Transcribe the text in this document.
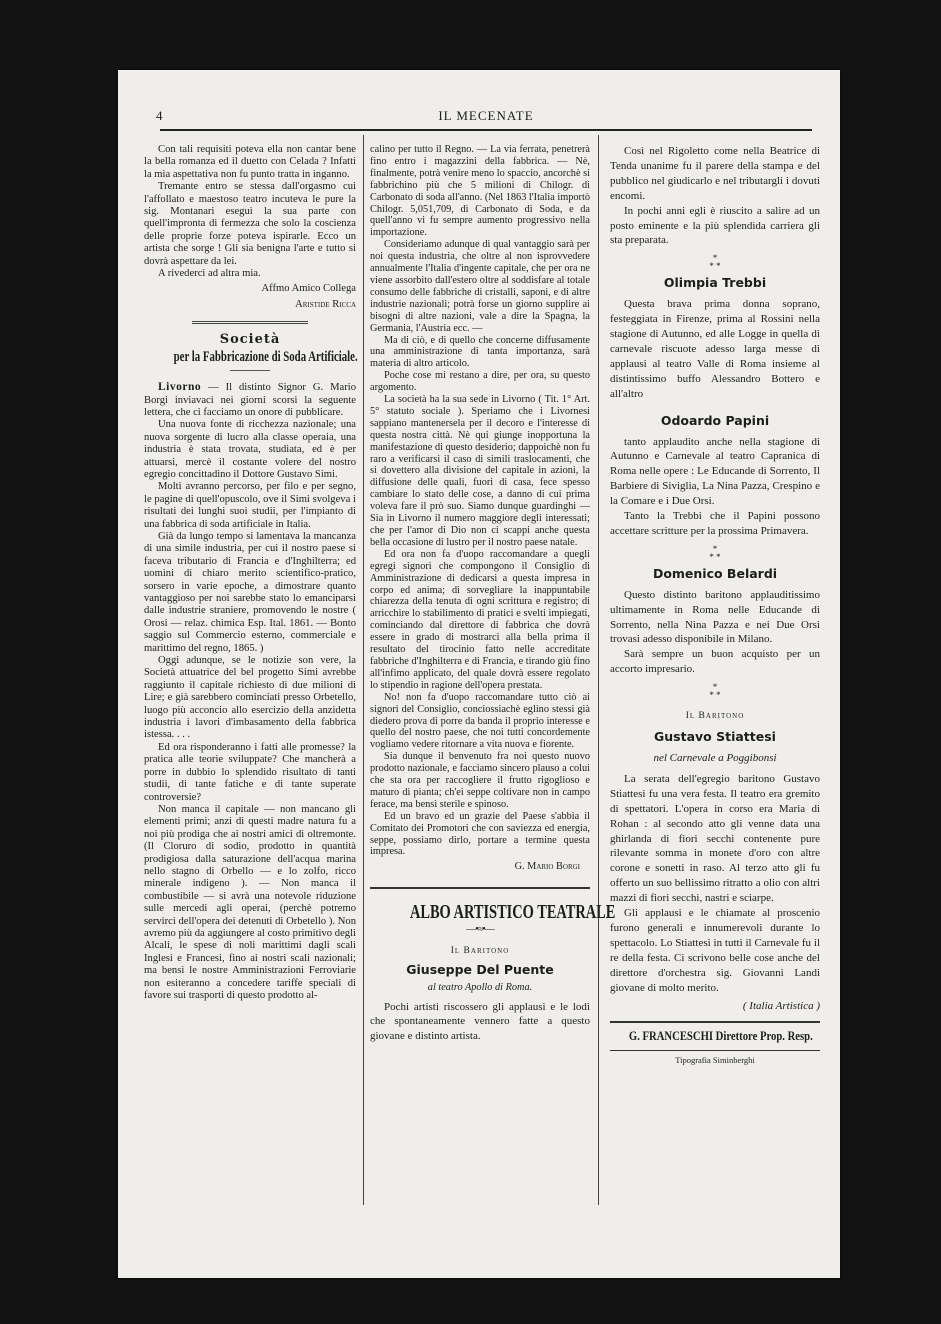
4	IL MECENATE

Con tali requisiti poteva ella non cantar bene la bella romanza ed il duetto con Celada ? Infatti la mia aspettativa non fu punto tratta in inganno.

Tremante entro se stessa dall'orgasmo cui l'affollato e maestoso teatro incuteva le pure la sig. Montanari eseguì la sua parte con quell'impronta di fermezza che solo la coscienza delle proprie forze poteva ispirarle. Ecco un artista che sorge ! Gli sia benigna l'arte e tutto si dovrà aspettare da lei.

A rivederci ad altra mia.

Affmo Amico Collega
Aristide Ricca
Società
per la Fabbricazione di Soda Artificiale.

Livorno — Il distinto Signor G. Mario Borgi inviavaci nei giorni scorsi la seguente lettera, che ci facciamo un onore di pubblicare.

Una nuova fonte di ricchezza nazionale; una nuova sorgente di lucro alla classe operaia, una industria è stata trovata, studiata, ed è per attuarsi, mercè il costante volere del nostro egregio concittadino il Dottore Gustavo Simi.

Molti avranno percorso, per filo e per segno, le pagine di quell'opuscolo, ove il Simi svolgeva i risultati dei lunghi suoi studii, per l'impianto di una fabbrica di soda artificiale in Italia.

Già da lungo tempo si lamentava la mancanza di una simile industria, per cui il nostro paese si faceva tributario di Francia e d'Inghilterra; ed uomini di chiaro merito scientifico-pratico, sorsero in varie epoche, a dimostrare quanto vantaggioso per noi sarebbe stato lo emanciparsi dalle industrie straniere, promovendo le nostre ( Orosi — relaz. chimica Esp. Ital. 1861. — Bonto saggio sul Commercio esterno, commerciale e marittimo del regno, 1865. )

Oggi adunque, se le notizie son vere, la Società attuatrice del bel progetto Simi avrebbe raggiunto il capitale richiesto di due milioni di Lire; e già sarebbero cominciati presso Orbetello, luogo più acconcio allo esercizio della anzidetta industria i lavori d'imbasamento della fabbrica istessa. . . .

Ed ora risponderanno i fatti alle promesse? la pratica alle teorie sviluppate? Che mancherà a porre in dubbio lo splendido risultato di tanti studii, di tante fatiche e di tante superate controversie?

Non manca il capitale — non mancano gli elementi primi; anzi di questi madre natura fu a noi più prodiga che ai nostri amici di oltremonte. (Il Cloruro di sodio, prodotto in quantità prodigiosa dalla saturazione dell'acqua marina nello stagno di Orbello — e lo zolfo, ricco minerale indigeno ). — Non manca il combustibile — si avrà una notevole riduzione sulle mercedi agli operai, (perchè potremo servirci dell'opera dei detenuti di Orbetello ). Non avremo più da aggiungere al costo primitivo degli Alcali, le spese di noli marittimi dagli scali Inglesi e Francesi, fino ai nostri scali nazionali; ma bensì le nostre Amministrazioni Ferroviarie non esiteranno a concedere tariffe speciali di favore sui trasporti di questo prodotto al-

calino per tutto il Regno. — La via ferrata, penetrerà fino entro i magazzini della fabbrica. — Nè, finalmente, potrà venire meno lo spaccio, ancorchè si fabbrichino più che 5 milioni di Chilogr. di Carbonato di soda all'anno. (Nel 1863 l'Italia importò Chilogr. 5,051,709, di Carbonato di Soda, e da quell'anno vi fu sempre aumento progressivo nella importazione.

Consideriamo adunque di qual vantaggio sarà per noi questa industria, che oltre al non isprovvedere annualmente l'Italia d'ingente capitale, che per ora ne viene assorbito dall'estero oltre al soddisfare al totale consumo delle fabbriche di cristalli, saponi, e di altre industrie nazionali; potrà forse un giorno supplire ai bisogni di altre nazioni, vale a dire la Spagna, la Germania, l'Austria ecc. —

Ma di ciò, e di quello che concerne diffusamente una amministrazione di tanta importanza, sarà materia di altro articolo.

Poche cose mi restano a dire, per ora, su questo argomento.

La società ha la sua sede in Livorno ( Tit. 1° Art. 5° statuto sociale ). Speriamo che i Livornesi sappiano mantenersela per il decoro e l'interesse di questa nostra città. Nè qui giunge inopportuna la manifestazione di questo desiderio; dappoichè non fu raro a verificarsi il caso di simili traslocamenti, che si dovettero alla divisione del capitale in azioni, la diffusione delle quali, fuori di casa, fece spesso cambiare lo stato delle cose, a danno di cui prima voleva fare il prò suo. Siamo dunque guardinghi — Sia in Livorno il numero maggiore degli interessati; che per l'amor di Dio non ci scappi anche questa bella occasione di lustro per il nostro paese natale.

Ed ora non fa d'uopo raccomandare a quegli egregi signori che compongono il Consiglio di Amministrazione di dedicarsi a questa impresa in corpo ed anima; di sorvegliare la inappuntabile chiarezza della tenuta di ogni scrittura e registro; di arricchire lo stabilimento di pratici e svelti impiegati, cominciando dal direttore di fabbrica che dovrà essere in grado di mostrarci alla bella prima il resultato del tirocinio fatto nelle accreditate fabbriche d'Inghilterra e di Francia, e tirando giù fino all'infimo applicato, del quale dovrà essere regolato lo stipendio in ragione dell'opera prestata.

No! non fa d'uopo raccomandare tutto ciò ai signori del Consiglio, conciossiachè eglino stessi già diedero prova di porre da banda il proprio interesse e quello del nostro paese, che noi tutti concordemente vogliamo vedere ritornare a vita nuova e fiorente.

Sia dunque il benvenuto fra noi questo nuovo prodotto nazionale, e facciamo sincero plauso a colui che sta ora per raccogliere il frutto rigoglioso e maturo di pianta; ch'ei seppe coltivare non in campo ferace, ma bensì sterile e spinoso.

Ed un bravo ed un grazie del Paese s'abbia il Comitato dei Promotori che con saviezza ed energia, seppe, possiamo dirlo, portare a termine questa impresa.

G. Mario Borgi
ALBO ARTISTICO TEATRALE
—•≈•—
Il Baritono
Giuseppe Del Puente
al teatro Apollo di Roma.

Pochi artisti riscossero gli applausi e le lodi che spontaneamente vennero fatte a questo giovane e distinto artista.

Così nel Rigoletto come nella Beatrice di Tenda unanime fu il parere della stampa e del pubblico nel giudicarlo e nel tributargli i dovuti encomi.

In pochi anni egli è riuscito a salire ad un posto eminente e la più splendida carriera gli sta preparata.

*
* *
Olimpia Trebbi

Questa brava prima donna soprano, festeggiata in Firenze, prima al Rossini nella stagione di Autunno, ed alle Logge in quella di carnevale riscuote adesso larga messe di applausi al teatro Valle di Roma insieme al distintissimo buffo Alessandro Bottero e all'altro

Odoardo Papini

tanto applaudito anche nella stagione di Autunno e Carnevale al teatro Capranica di Roma nelle opere : Le Educande di Sorrento, Il Barbiere di Siviglia, La Nina Pazza, Crespino e la Comare e i Due Orsi.

Tanto la Trebbi che il Papini possono accettare scritture per la prossima Primavera.

*
* *
Domenico Belardi

Questo distinto baritono applauditissimo ultimamente in Roma nelle Educande di Sorrento, nella Nina Pazza e nei Due Orsi trovasi adesso disponibile in Milano.

Sarà sempre un buon acquisto per un accorto impresario.

*
* *
Il Baritono
Gustavo Stiattesi
nel Carnevale a Poggibonsi

La serata dell'egregio baritono Gustavo Stiattesi fu una vera festa. Il teatro era gremito di spettatori. L'opera in corso era Maria di Rohan : al secondo atto gli venne data una ghirlanda di fiori secchi contenente pure rilevante somma in monete d'oro con altre corone e sonetti in raso. Al terzo atto gli fu offerto un suo bellissimo ritratto a olio con altri mazzi di fiori secchi, nastri e sciarpe.

Gli applausi e le chiamate al proscenio furono generali e innumerevoli durante lo spettacolo. Lo Stiattesi in tutti il Carnevale fu il re della festa. Ci scrivono belle cose anche del direttore d'orchestra sig. Giovanni Landi giovane di molto merito.

( Italia Artistica )
G. FRANCESCHI Direttore Prop. Resp.
Tipografia Siminberghi
